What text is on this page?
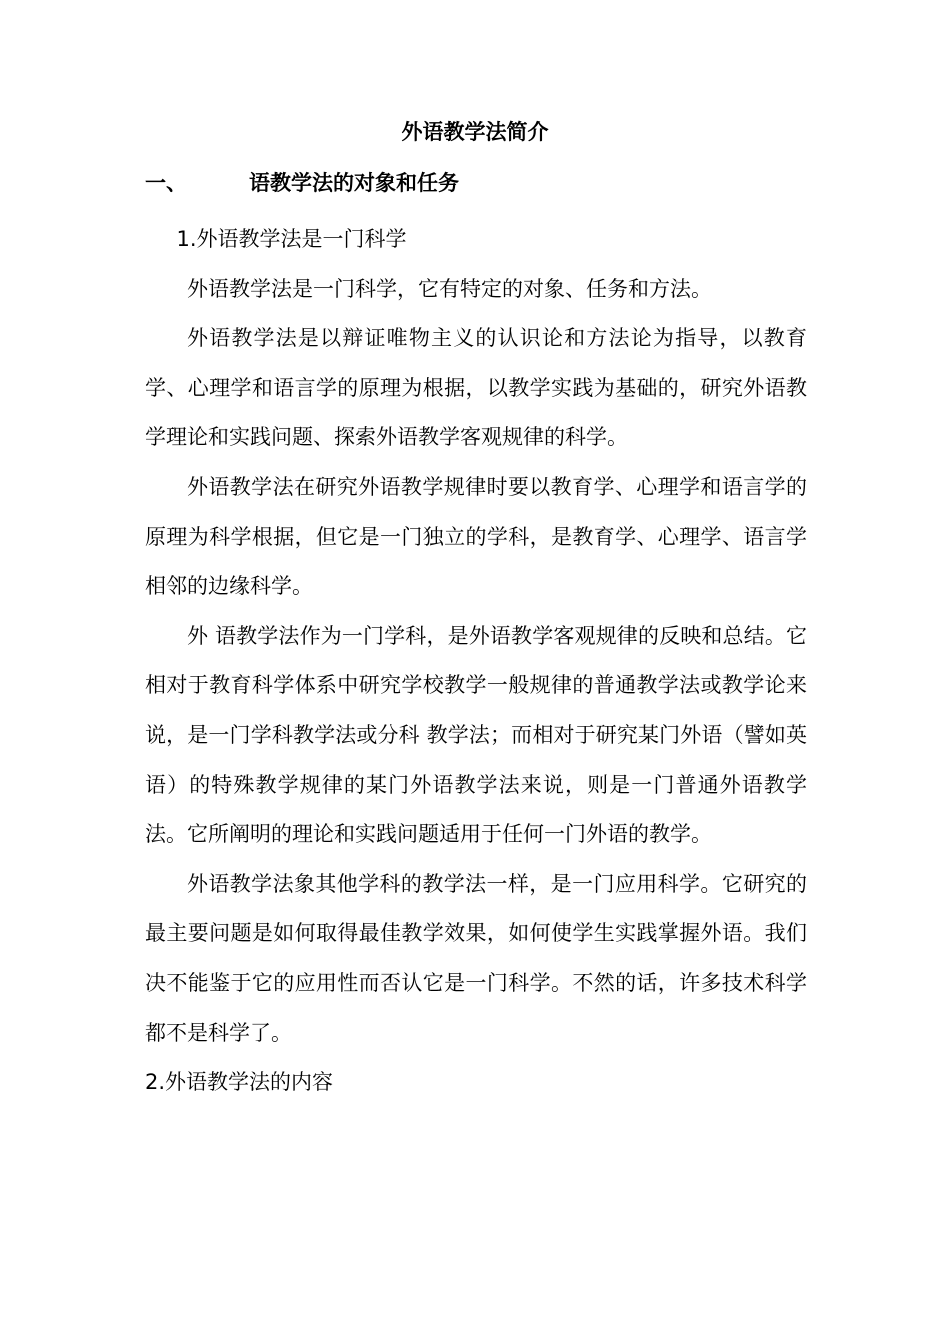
外语教学法简介
一、	语教学法的对象和任务

1.外语教学法是一门科学

外语教学法是一门科学，它有特定的对象、任务和方法。

外语教学法是以辩证唯物主义的认识论和方法论为指导，以教育学、心理学和语言学的原理为根据，以教学实践为基础的，研究外语教学理论和实践问题、探索外语教学客观规律的科学。

外语教学法在研究外语教学规律时要以教育学、心理学和语言学的原理为科学根据，但它是一门独立的学科，是教育学、心理学、语言学相邻的边缘科学。

外 语教学法作为一门学科，是外语教学客观规律的反映和总结。它相对于教育科学体系中研究学校教学一般规律的普通教学法或教学论来说，是一门学科教学法或分科 教学法；而相对于研究某门外语（譬如英语）的特殊教学规律的某门外语教学法来说，则是一门普通外语教学法。它所阐明的理论和实践问题适用于任何一门外语的教学。

外语教学法象其他学科的教学法一样，是一门应用科学。它研究的最主要问题是如何取得最佳教学效果，如何使学生实践掌握外语。我们决不能鉴于它的应用性而否认它是一门科学。不然的话，许多技术科学都不是科学了。

2.外语教学法的内容
